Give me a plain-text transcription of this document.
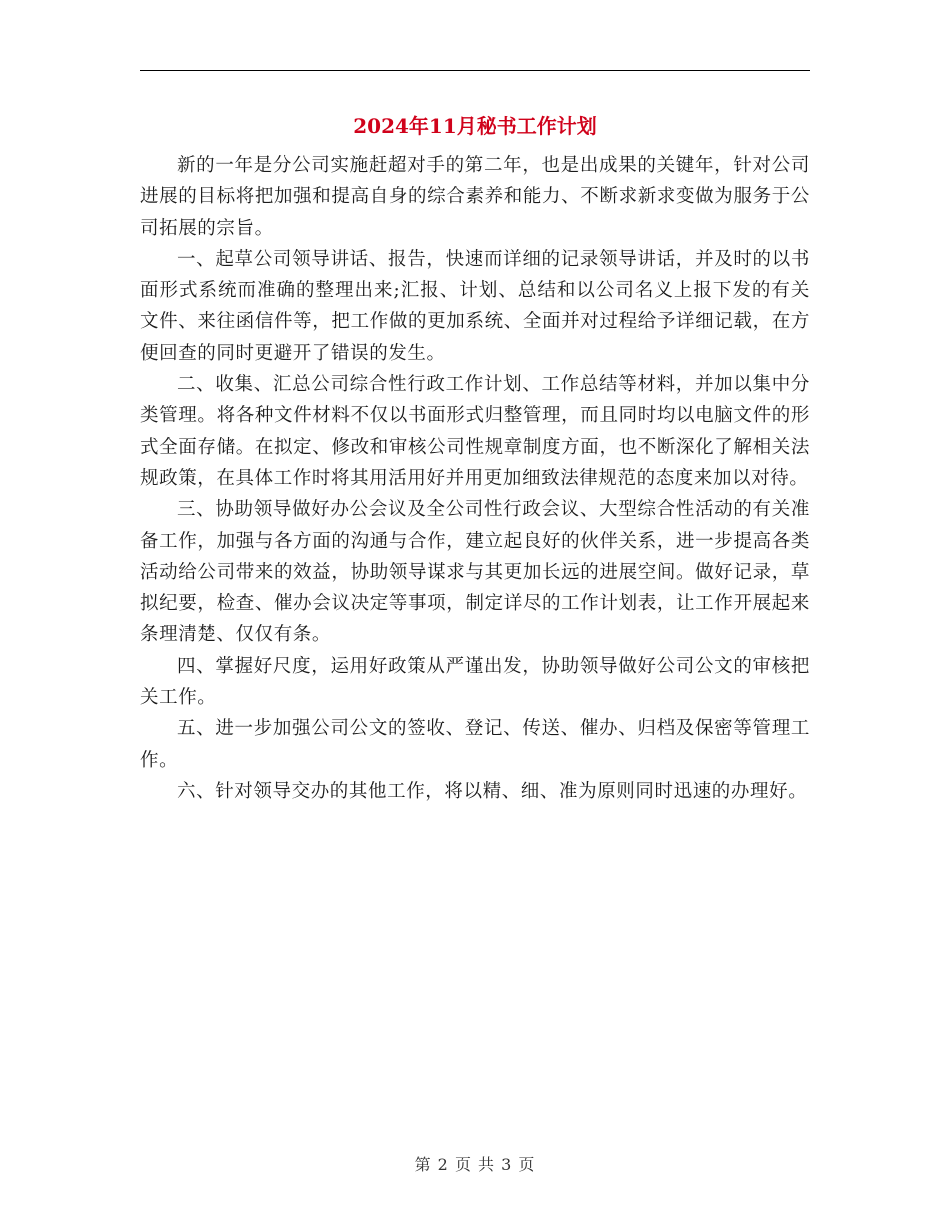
2024年11月秘书工作计划

新的一年是分公司实施赶超对手的第二年，也是出成果的关键年，针对公司进展的目标将把加强和提高自身的综合素养和能力、不断求新求变做为服务于公司拓展的宗旨。

一、起草公司领导讲话、报告，快速而详细的记录领导讲话，并及时的以书面形式系统而准确的整理出来;汇报、计划、总结和以公司名义上报下发的有关文件、来往函信件等，把工作做的更加系统、全面并对过程给予详细记载，在方便回查的同时更避开了错误的发生。

二、收集、汇总公司综合性行政工作计划、工作总结等材料，并加以集中分类管理。将各种文件材料不仅以书面形式归整管理，而且同时均以电脑文件的形式全面存储。在拟定、修改和审核公司性规章制度方面，也不断深化了解相关法规政策，在具体工作时将其用活用好并用更加细致法律规范的态度来加以对待。

三、协助领导做好办公会议及全公司性行政会议、大型综合性活动的有关准备工作，加强与各方面的沟通与合作，建立起良好的伙伴关系，进一步提高各类活动给公司带来的效益，协助领导谋求与其更加长远的进展空间。做好记录，草拟纪要，检查、催办会议决定等事项，制定详尽的工作计划表，让工作开展起来条理清楚、仅仅有条。

四、掌握好尺度，运用好政策从严谨出发，协助领导做好公司公文的审核把关工作。

五、进一步加强公司公文的签收、登记、传送、催办、归档及保密等管理工作。

六、针对领导交办的其他工作，将以精、细、准为原则同时迅速的办理好。

第 2 页 共 3 页
